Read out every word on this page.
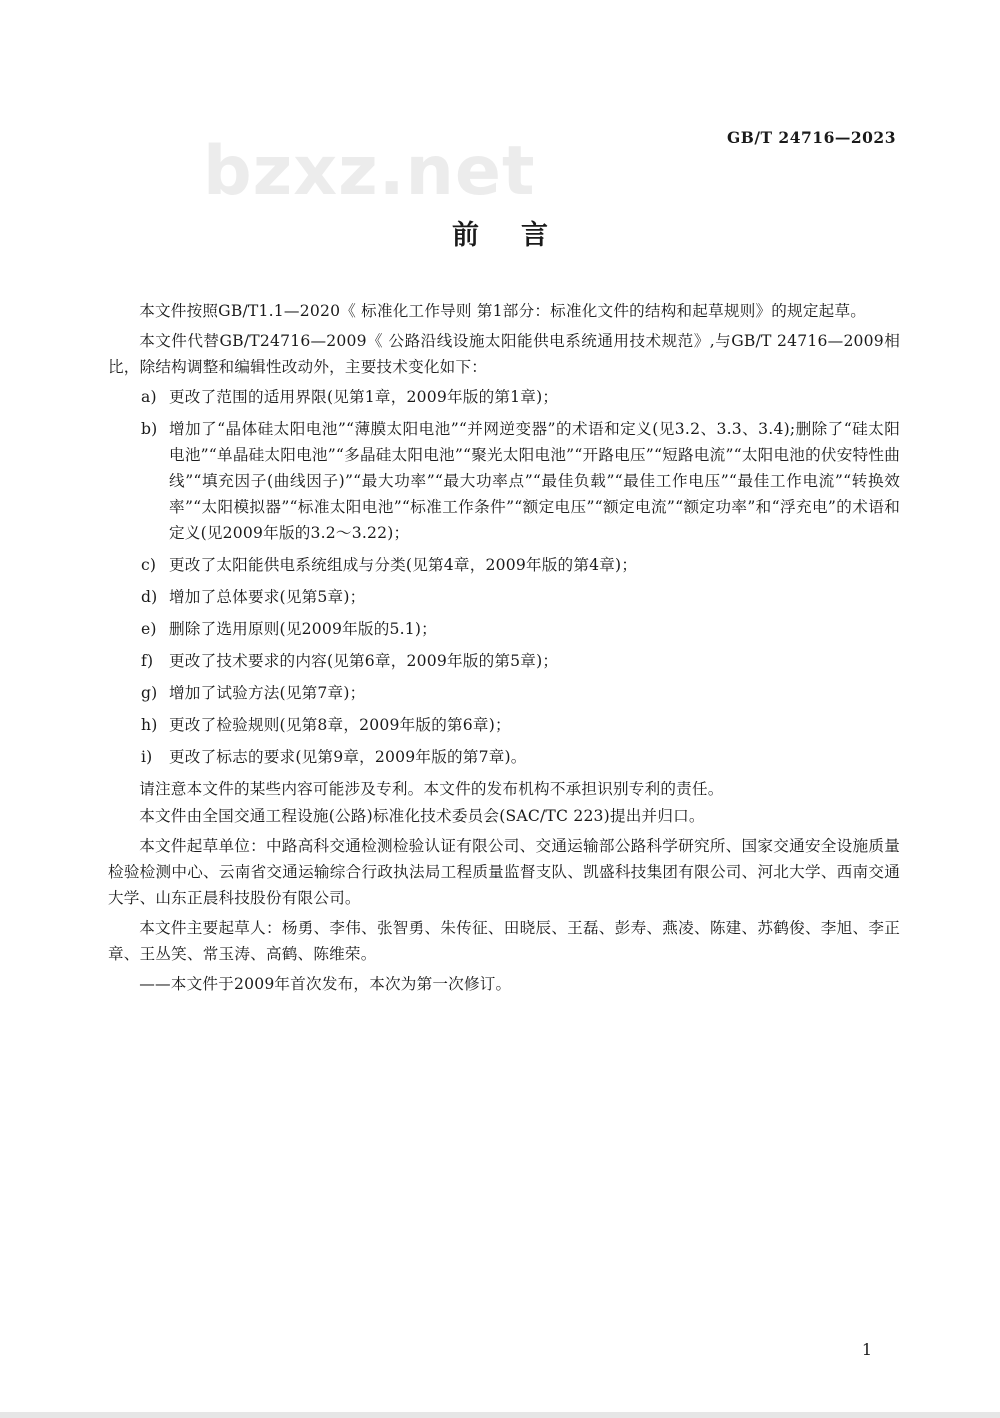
bzxz.net	GB/T 24716—2023
前言

本文件按照GB/T1.1—2020《 标准化工作导则 第1部分：标准化文件的结构和起草规则》的规定起草。

本文件代替GB/T24716—2009《 公路沿线设施太阳能供电系统通用技术规范》,与GB/T 24716—2009相比，除结构调整和编辑性改动外，主要技术变化如下：

a) 更改了范围的适用界限(见第1章，2009年版的第1章)；
b) 增加了“晶体硅太阳电池”“薄膜太阳电池”“并网逆变器”的术语和定义(见3.2、3.3、3.4);删除了“硅太阳电池”“单晶硅太阳电池”“多晶硅太阳电池”“聚光太阳电池”“开路电压”“短路电流”“太阳电池的伏安特性曲线”“填充因子(曲线因子)”“最大功率”“最大功率点”“最佳负载”“最佳工作电压”“最佳工作电流”“转换效率”“太阳模拟器”“标准太阳电池”“标准工作条件”“额定电压”“额定电流”“额定功率”和“浮充电”的术语和定义(见2009年版的3.2～3.22)；
c) 更改了太阳能供电系统组成与分类(见第4章，2009年版的第4章)；
d) 增加了总体要求(见第5章)；
e) 删除了选用原则(见2009年版的5.1)；
f) 更改了技术要求的内容(见第6章，2009年版的第5章)；
g) 增加了试验方法(见第7章)；
h) 更改了检验规则(见第8章，2009年版的第6章)；
i) 更改了标志的要求(见第9章，2009年版的第7章)。

请注意本文件的某些内容可能涉及专利。本文件的发布机构不承担识别专利的责任。

本文件由全国交通工程设施(公路)标准化技术委员会(SAC/TC 223)提出并归口。

本文件起草单位：中路高科交通检测检验认证有限公司、交通运输部公路科学研究所、国家交通安全设施质量检验检测中心、云南省交通运输综合行政执法局工程质量监督支队、凯盛科技集团有限公司、河北大学、西南交通大学、山东正晨科技股份有限公司。

本文件主要起草人：杨勇、李伟、张智勇、朱传征、田晓辰、王磊、彭寿、燕凌、陈建、苏鹤俊、李旭、李正章、王丛笑、常玉涛、高鹤、陈维荣。

——本文件于2009年首次发布，本次为第一次修订。

1
